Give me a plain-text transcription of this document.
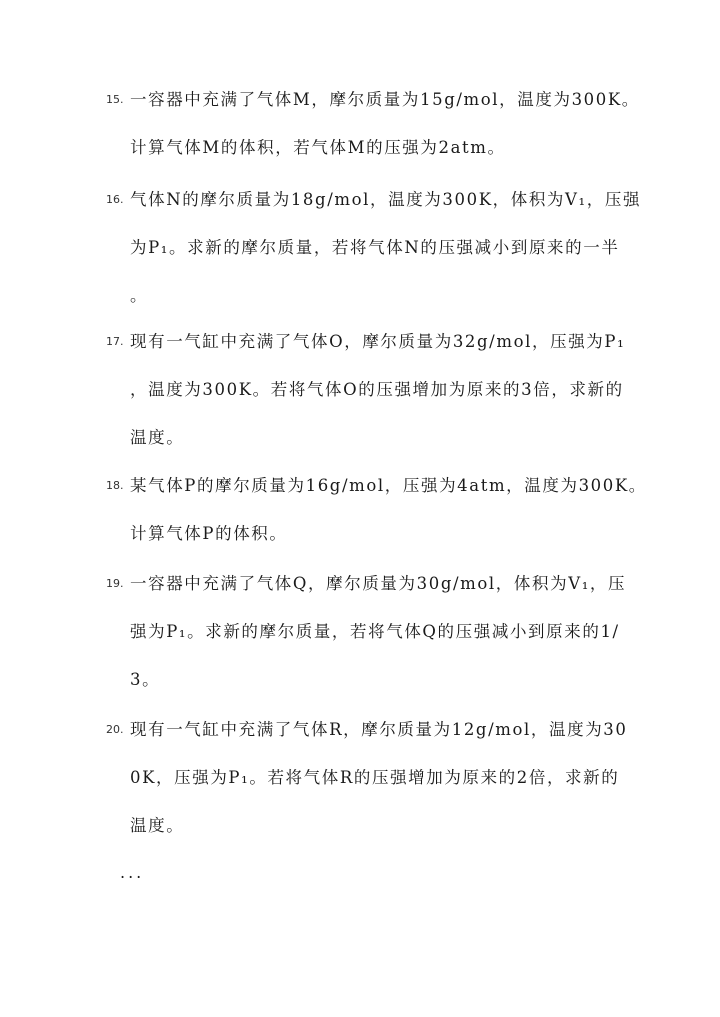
15. 一容器中充满了气体M，摩尔质量为15g/mol，温度为300K。
计算气体M的体积，若气体M的压强为2atm。
16. 气体N的摩尔质量为18g/mol，温度为300K，体积为V₁，压强
为P₁。求新的摩尔质量，若将气体N的压强减小到原来的一半
。
17. 现有一气缸中充满了气体O，摩尔质量为32g/mol，压强为P₁
，温度为300K。若将气体O的压强增加为原来的3倍，求新的
温度。
18. 某气体P的摩尔质量为16g/mol，压强为4atm，温度为300K。
计算气体P的体积。
19. 一容器中充满了气体Q，摩尔质量为30g/mol，体积为V₁，压
强为P₁。求新的摩尔质量，若将气体Q的压强减小到原来的1/
3。
20. 现有一气缸中充满了气体R，摩尔质量为12g/mol，温度为30
0K，压强为P₁。若将气体R的压强增加为原来的2倍，求新的
温度。
...
